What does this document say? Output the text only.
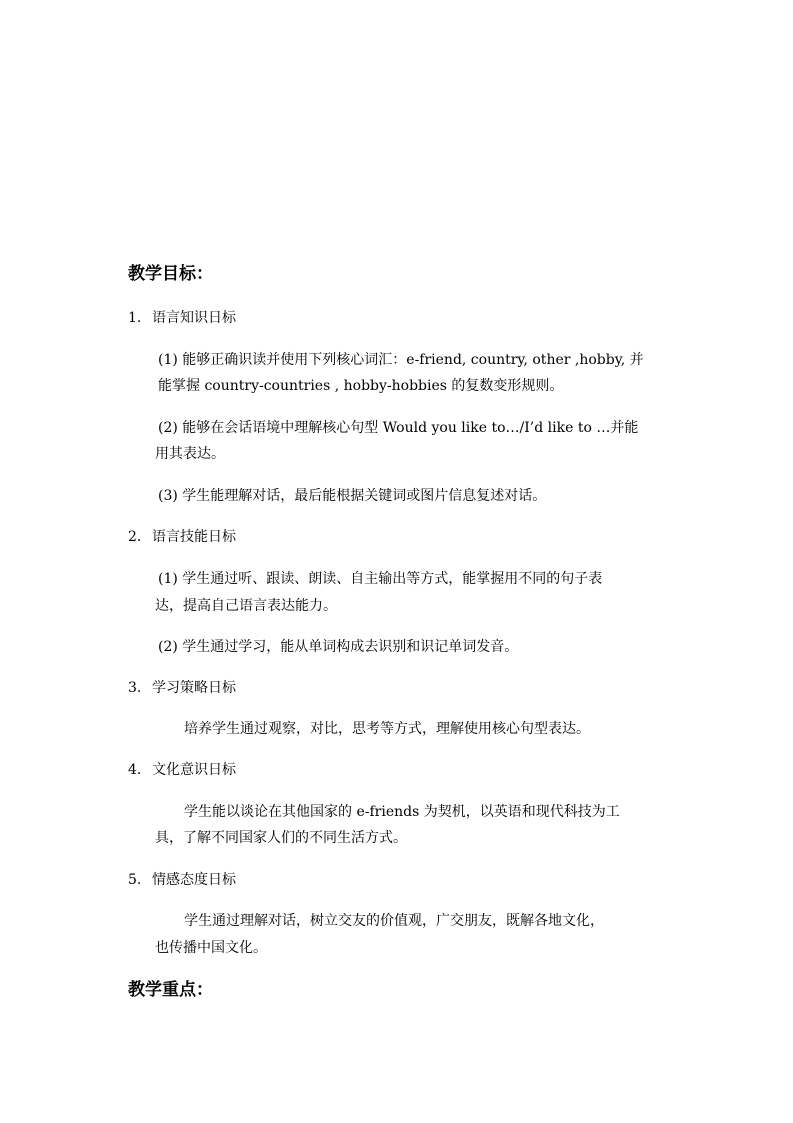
教学目标：
1. 语言知识日标
(1) 能够正确识读并使用下列核心词汇：e-friend, country, other ,hobby, 并
能掌握 country-countries , hobby-hobbies 的复数变形规则。
(2) 能够在会话语境中理解核心句型 Would you like to…/I’d like to …并能
用其表达。
(3) 学生能理解对话，最后能根据关键词或图片信息复述对话。
2. 语言技能日标
(1) 学生通过听、跟读、朗读、自主输出等方式，能掌握用不同的句子表
达，提高自己语言表达能力。
(2) 学生通过学习，能从单词构成去识别和识记单词发音。
3. 学习策略日标
培养学生通过观察，对比，思考等方式，理解使用核心句型表达。
4. 文化意识日标
学生能以谈论在其他国家的 e-friends 为契机，以英语和现代科技为工
具，了解不同国家人们的不同生活方式。
5. 情感态度日标
学生通过理解对话，树立交友的价值观，广交朋友，既解各地文化，
也传播中国文化。
教学重点：
